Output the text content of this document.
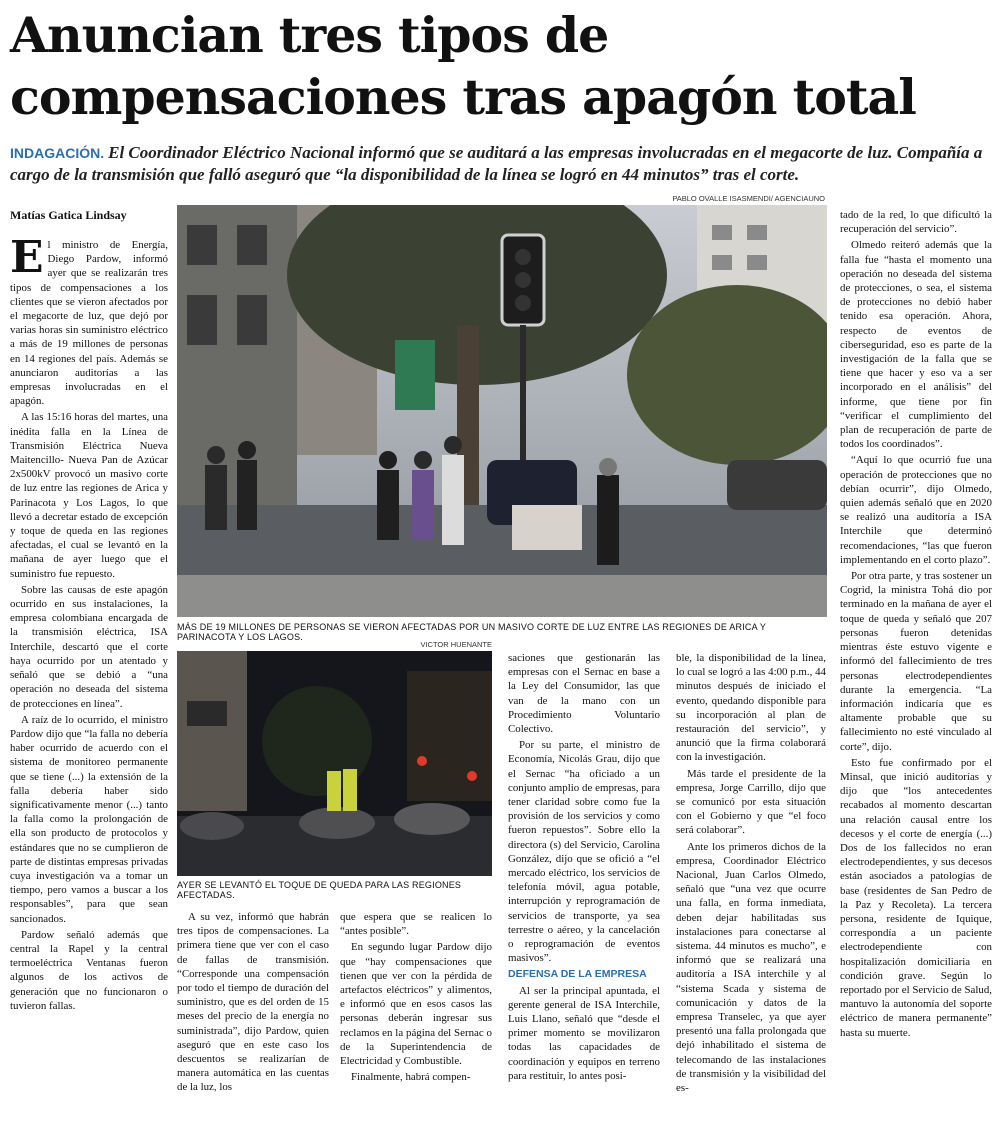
Anuncian tres tipos de compensaciones tras apagón total

INDAGACIÓN. El Coordinador Eléctrico Nacional informó que se auditará a las empresas involucradas en el megacorte de luz. Compañía a cargo de la transmisión que falló aseguró que “la disponibilidad de la línea se logró en 44 minutos” tras el corte.

PABLO OVALLE ISASMENDI/ AGENCIAUNO
Matías Gatica Lindsay
MÁS DE 19 MILLONES DE PERSONAS SE VIERON AFECTADAS POR UN MASIVO CORTE DE LUZ ENTRE LAS REGIONES DE ARICA Y PARINACOTA Y LOS LAGOS.
VICTOR HUENANTE
AYER SE LEVANTÓ EL TOQUE DE QUEDA PARA LAS REGIONES AFECTADAS.

El ministro de Energía, Diego Pardow, informó ayer que se realizarán tres tipos de compensaciones a los clientes que se vieron afectados por el megacorte de luz, que dejó por varias horas sin suministro eléctrico a más de 19 millones de personas en 14 regiones del país. Además se anunciaron auditorías a las empresas involucradas en el apagón.

A las 15:16 horas del martes, una inédita falla en la Línea de Transmisión Eléctrica Nueva Maitencillo- Nueva Pan de Azúcar 2x500kV provocó un masivo corte de luz entre las regiones de Arica y Parinacota y Los Lagos, lo que llevó a decretar estado de excepción y toque de queda en las regiones afectadas, el cual se levantó en la mañana de ayer luego que el suministro fue repuesto.

Sobre las causas de este apagón ocurrido en sus instalaciones, la empresa colombiana encargada de la transmisión eléctrica, ISA Interchile, descartó que el corte haya ocurrido por un atentado y señaló que se debió a “una operación no deseada del sistema de protecciones en línea”.

A raíz de lo ocurrido, el ministro Pardow dijo que “la falla no debería haber ocurrido de acuerdo con el sistema de monitoreo permanente que se tiene (...) la extensión de la falla debería haber sido significativamente menor (...) tanto la falla como la prolongación de ella son producto de protocolos y estándares que no se cumplieron de parte de distintas empresas privadas cuya investigación va a tomar un tiempo, pero vamos a buscar a los responsables”, para que sean sancionados.

Pardow señaló además que central la Rapel y la central termoeléctrica Ventanas fueron algunos de los activos de generación que no funcionaron o tuvieron fallas.

A su vez, informó que habrán tres tipos de compensaciones. La primera tiene que ver con el caso de fallas de transmisión. “Corresponde una compensación por todo el tiempo de duración del suministro, que es del orden de 15 meses del precio de la energía no suministrada”, dijo Pardow, quien aseguró que en este caso los descuentos se realizarían de manera automática en las cuentas de la luz, los

que espera que se realicen lo “antes posible”.

En segundo lugar Pardow dijo que “hay compensaciones que tienen que ver con la pérdida de artefactos eléctricos” y alimentos, e informó que en esos casos las personas deberán ingresar sus reclamos en la página del Sernac o de la Superintendencia de Electricidad y Combustible.

Finalmente, habrá compen-

saciones que gestionarán las empresas con el Sernac en base a la Ley del Consumidor, las que van de la mano con un Procedimiento Voluntario Colectivo.

Por su parte, el ministro de Economía, Nicolás Grau, dijo que el Sernac “ha oficiado a un conjunto amplio de empresas, para tener claridad sobre como fue la provisión de los servicios y como fueron repuestos”. Sobre ello la directora (s) del Servicio, Carolina González, dijo que se ofició a “el mercado eléctrico, los servicios de telefonía móvil, agua potable, interrupción y reprogramación de servicios de transporte, ya sea terrestre o aéreo, y la cancelación o reprogramación de eventos masivos”.

DEFENSA DE LA EMPRESA

Al ser la principal apuntada, el gerente general de ISA Interchile, Luis Llano, señaló que “desde el primer momento se movilizaron todas las capacidades de coordinación y equipos en terreno para restituir, lo antes posi-

ble, la disponibilidad de la línea, lo cual se logró a las 4:00 p.m., 44 minutos después de iniciado el evento, quedando disponible para su incorporación al plan de restauración del servicio”, y anunció que la firma colaborará con la investigación.

Más tarde el presidente de la empresa, Jorge Carrillo, dijo que se comunicó por esta situación con el Gobierno y que “el foco será colaborar”.

Ante los primeros dichos de la empresa, Coordinador Eléctrico Nacional, Juan Carlos Olmedo, señaló que “una vez que ocurre una falla, en forma inmediata, deben dejar habilitadas sus instalaciones para conectarse al sistema. 44 minutos es mucho”, e informó que se realizará una auditoría a ISA interchile y al “sistema Scada y sistema de comunicación y datos de la empresa Transelec, ya que ayer presentó una falla prolongada que dejó inhabilitado el sistema de telecomando de las instalaciones de transmisión y la visibilidad del es-

tado de la red, lo que dificultó la recuperación del servicio”.

Olmedo reiteró además que la falla fue “hasta el momento una operación no deseada del sistema de protecciones, o sea, el sistema de protecciones no debió haber tenido esa operación. Ahora, respecto de eventos de ciberseguridad, eso es parte de la investigación de la falla que se tiene que hacer y eso va a ser incorporado en el análisis” del informe, que tiene por fin “verificar el cumplimiento del plan de recuperación de parte de todos los coordinados”.

“Aquí lo que ocurrió fue una operación de protecciones que no debían ocurrir”, dijo Olmedo, quien además señaló que en 2020 se realizó una auditoría a ISA Interchile que determinó recomendaciones, “las que fueron implementando en el corto plazo”.

Por otra parte, y tras sostener un Cogrid, la ministra Tohá dio por terminado en la mañana de ayer el toque de queda y señaló que 207 personas fueron detenidas mientras éste estuvo vigente e informó del fallecimiento de tres personas electrodependientes durante la emergencia. “La información indicaría que es altamente probable que su fallecimiento no esté vinculado al corte”, dijo.

Esto fue confirmado por el Minsal, que inició auditorías y dijo que “los antecedentes recabados al momento descartan una relación causal entre los decesos y el corte de energía (...) Dos de los fallecidos no eran electrodependientes, y sus decesos están asociados a patologías de base (residentes de San Pedro de la Paz y Recoleta). La tercera persona, residente de Iquique, correspondía a un paciente electrodependiente con hospitalización domiciliaria en condición grave. Según lo reportado por el Servicio de Salud, mantuvo la autonomía del soporte eléctrico de manera permanente” hasta su muerte.
